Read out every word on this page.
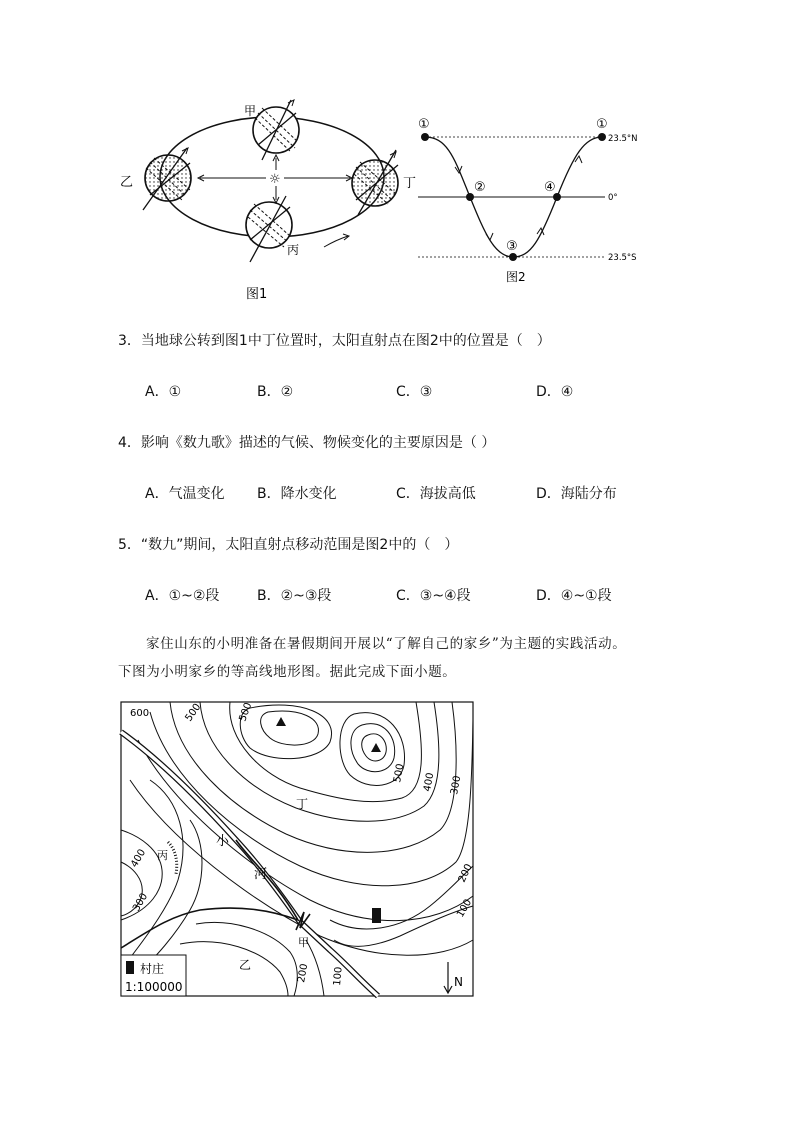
☼
甲
乙
丙
丁
图1
①
②
③
④
①
23.5°N
0°
23.5°S
图2
3．当地球公转到图1中丁位置时，太阳直射点在图2中的位置是（　）
A．①	B．②	C．③	D．④
4．影响《数九歌》描述的气候、物候变化的主要原因是（ ）
A．气温变化 B．降水变化	C．海拔高低	D．海陆分布
5．“数九”期间，太阳直射点移动范围是图2中的（　）
A．①~②段	B．②~③段	C．③~④段	D．④~①段
家住山东的小明准备在暑假期间开展以“了解自己的家乡”为主题的实践活动。
下图为小明家乡的等高线地形图。据此完成下面小题。
600	500	500
500 400 300
200
100
400
300
200 100
小
河
丁
丙
甲
乙
村庄
1:100000	N
